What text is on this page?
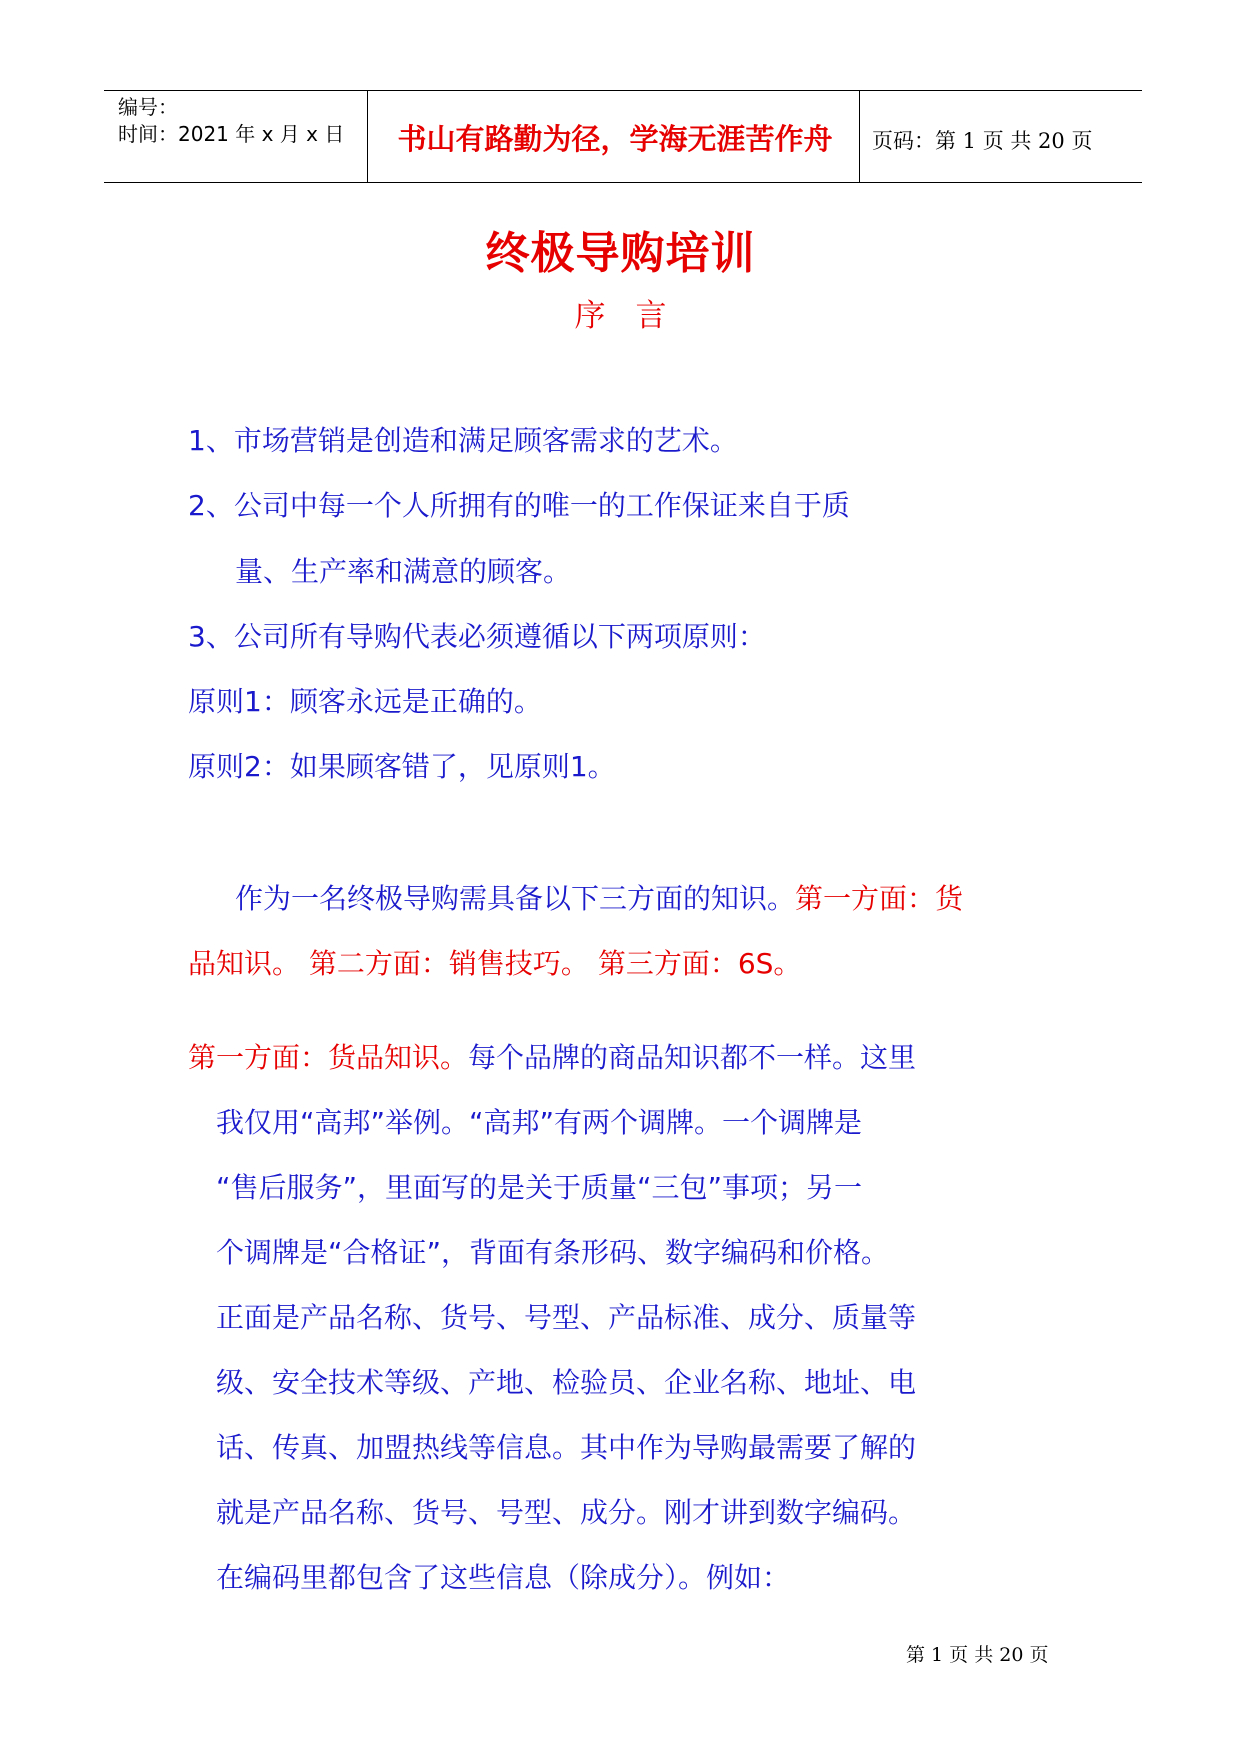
编号：
时间：2021 年 x 月 x 日	书山有路勤为径，学海无涯苦作舟	页码：第 1 页 共 20 页
终极导购培训
序言
1、市场营销是创造和满足顾客需求的艺术。
2、公司中每一个人所拥有的唯一的工作保证来自于质
量、生产率和满意的顾客。
3、公司所有导购代表必须遵循以下两项原则：
原则1：顾客永远是正确的。
原则2：如果顾客错了，见原则1。
作为一名终极导购需具备以下三方面的知识。第一方面：货
品知识。 第二方面：销售技巧。 第三方面：6S。
第一方面：货品知识。每个品牌的商品知识都不一样。这里
我仅用“高邦”举例。“高邦”有两个调牌。一个调牌是
“售后服务”，里面写的是关于质量“三包”事项；另一
个调牌是“合格证”，背面有条形码、数字编码和价格。
正面是产品名称、货号、号型、产品标准、成分、质量等
级、安全技术等级、产地、检验员、企业名称、地址、电
话、传真、加盟热线等信息。其中作为导购最需要了解的
就是产品名称、货号、号型、成分。刚才讲到数字编码。
在编码里都包含了这些信息（除成分）。例如：
第 1 页 共 20 页
